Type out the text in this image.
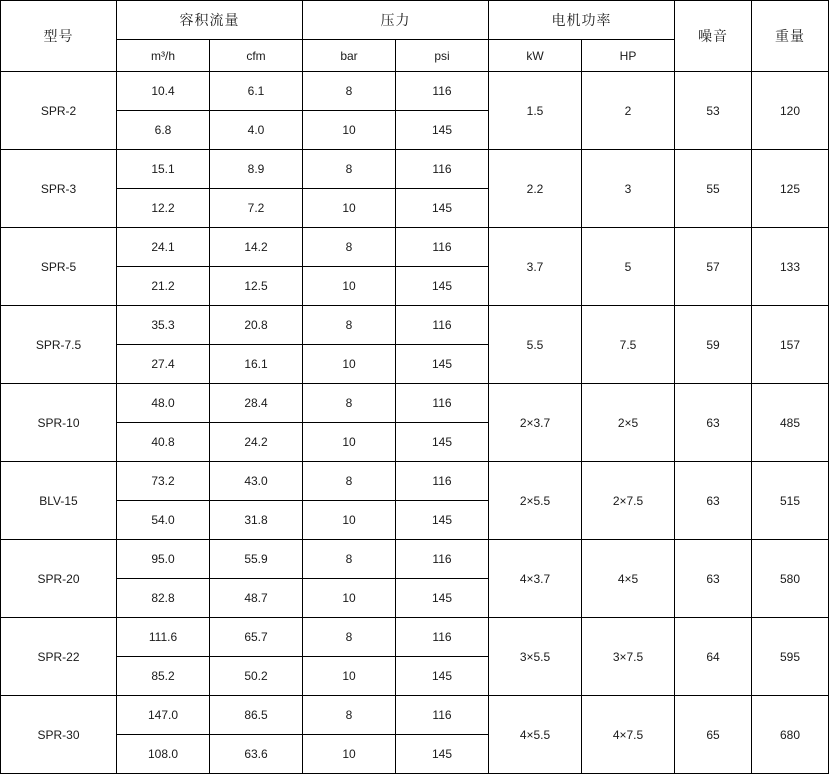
型号	容积流量		压力		电机功率		噪音	重量
	m³/h	cfm	bar	psi	kW	HP		
SPR-2	10.4	6.1	8	116	1.5	2	53	120
	6.8	4.0	10	145				
SPR-3	15.1	8.9	8	116	2.2	3	55	125
	12.2	7.2	10	145				
SPR-5	24.1	14.2	8	116	3.7	5	57	133
	21.2	12.5	10	145				
SPR-7.5	35.3	20.8	8	116	5.5	7.5	59	157
	27.4	16.1	10	145				
SPR-10	48.0	28.4	8	116	2×3.7	2×5	63	485
	40.8	24.2	10	145				
BLV-15	73.2	43.0	8	116	2×5.5	2×7.5	63	515
	54.0	31.8	10	145				
SPR-20	95.0	55.9	8	116	4×3.7	4×5	63	580
	82.8	48.7	10	145				
SPR-22	111.6	65.7	8	116	3×5.5	3×7.5	64	595
	85.2	50.2	10	145				
SPR-30	147.0	86.5	8	116	4×5.5	4×7.5	65	680
	108.0	63.6	10	145				
